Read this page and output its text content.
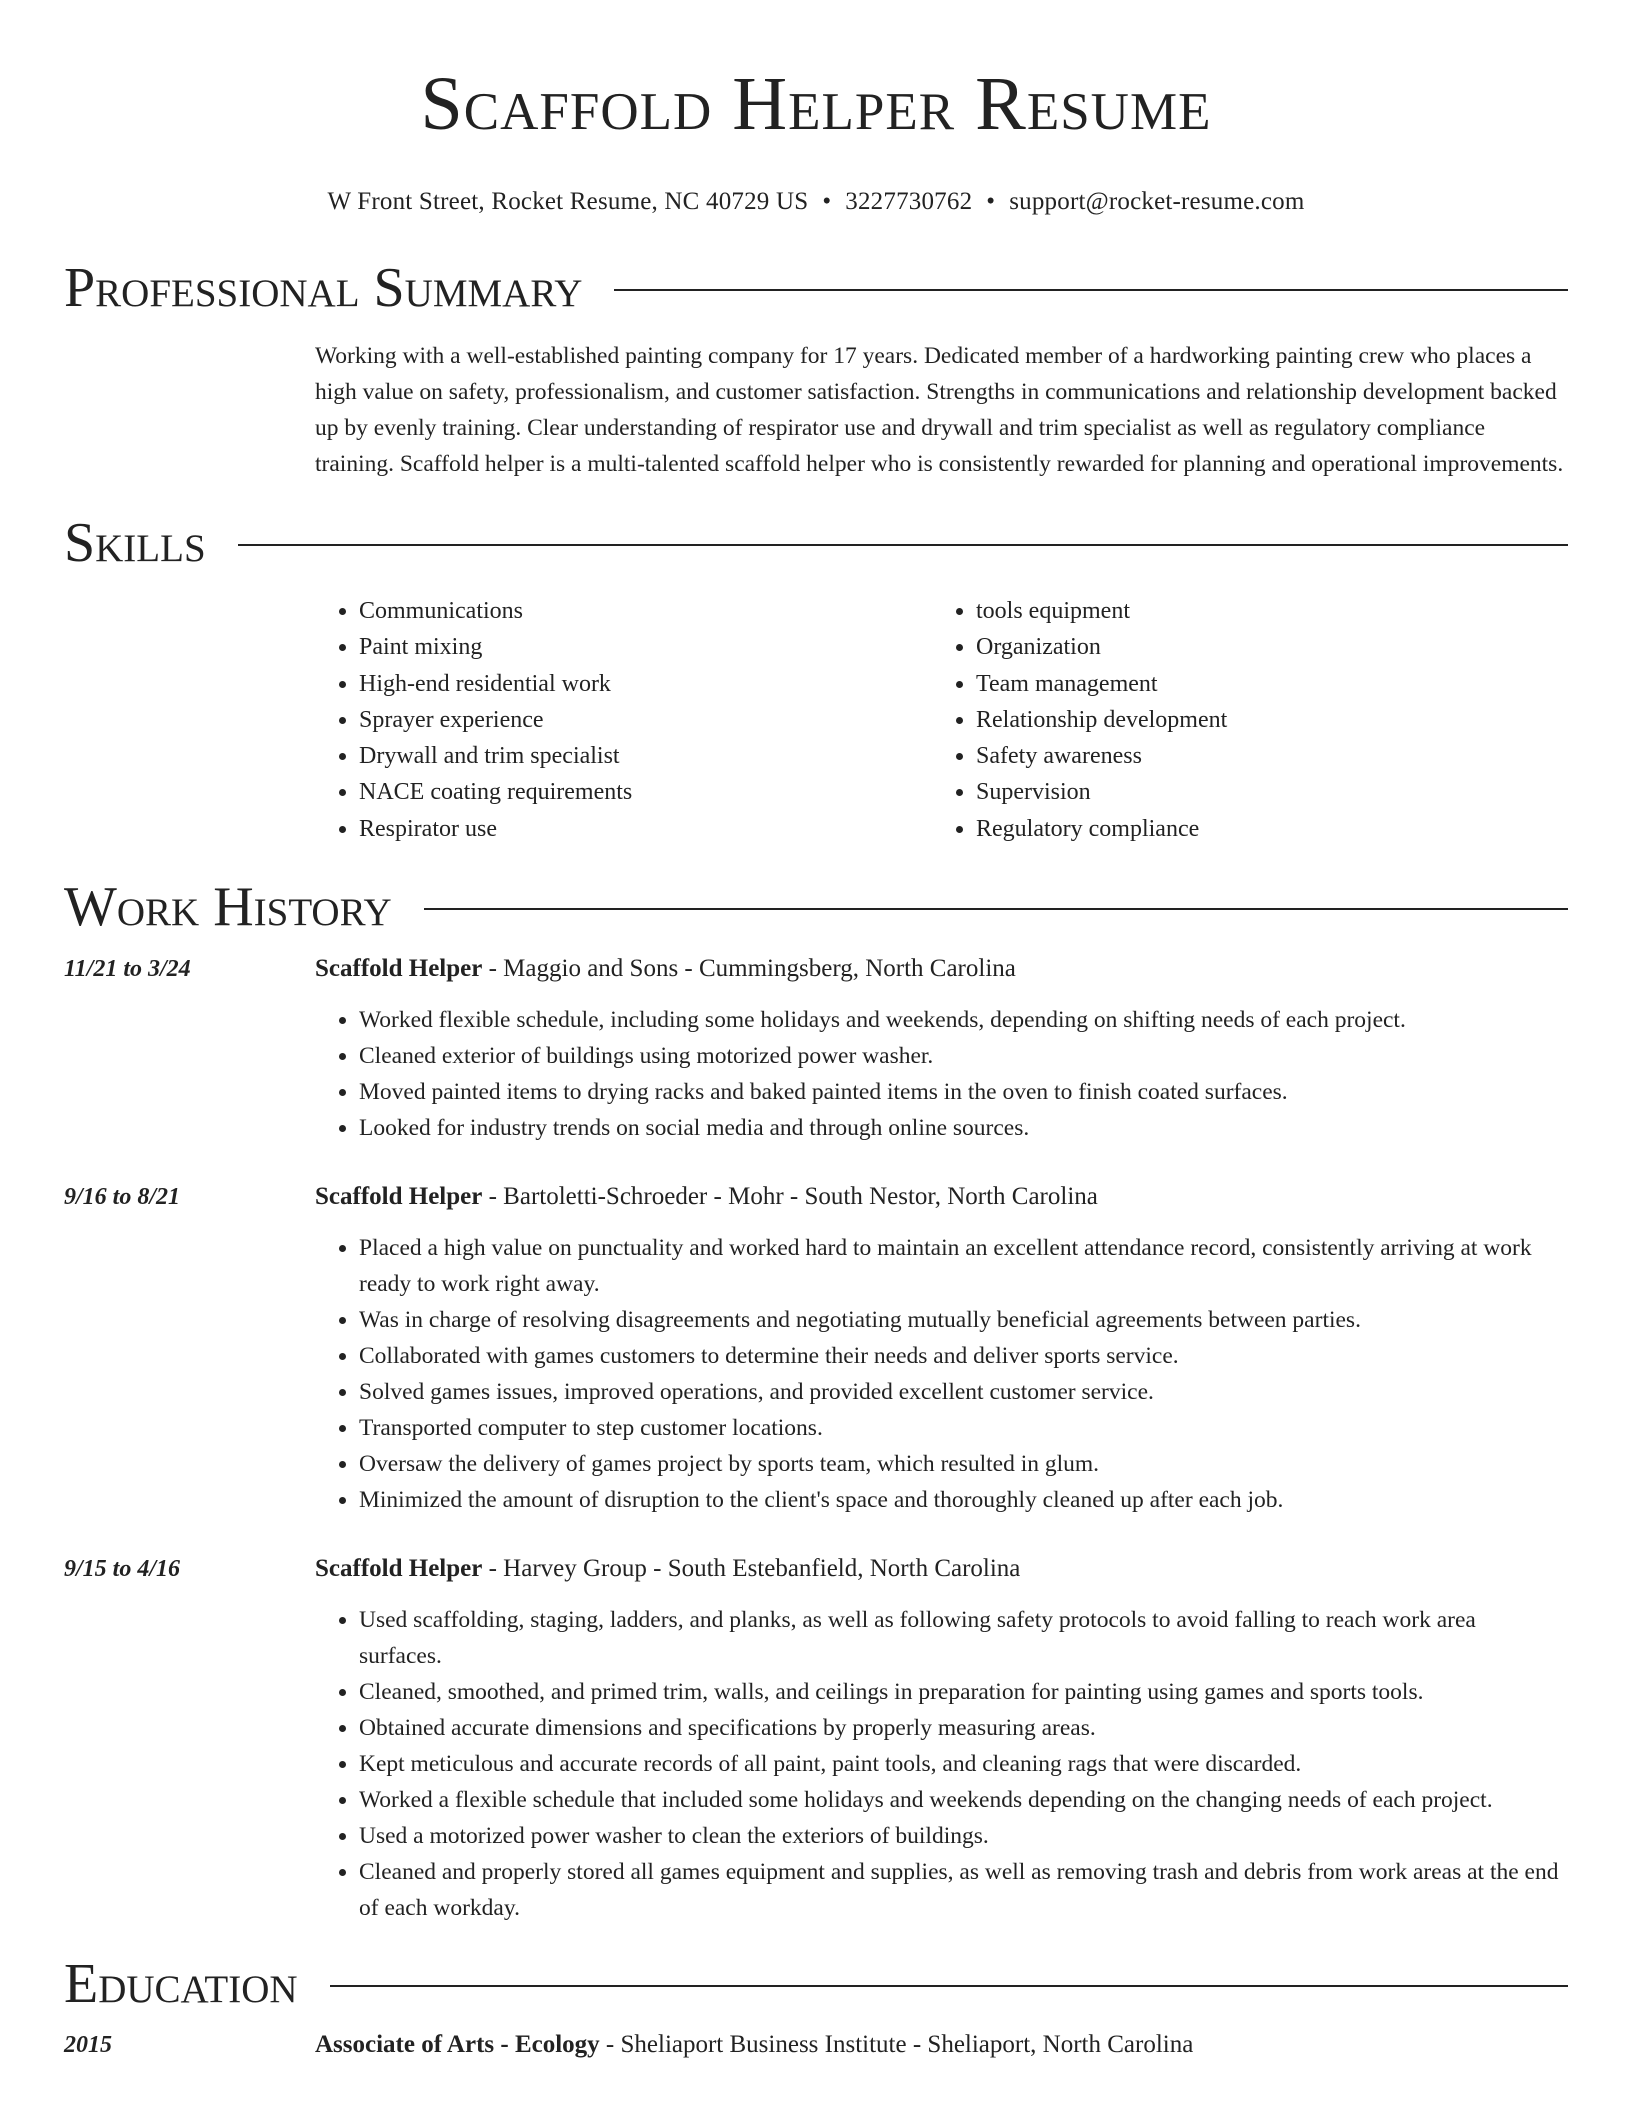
Scaffold Helper Resume
W Front Street, Rocket Resume, NC 40729 US • 3227730762 • support@rocket-resume.com
Professional Summary

Working with a well-established painting company for 17 years. Dedicated member of a hardworking painting crew who places a high value on safety, professionalism, and customer satisfaction. Strengths in communications and relationship development backed up by evenly training. Clear understanding of respirator use and drywall and trim specialist as well as regulatory compliance training. Scaffold helper is a multi-talented scaffold helper who is consistently rewarded for planning and operational improvements.

Skills
• Communications
• Paint mixing
• High-end residential work
• Sprayer experience
• Drywall and trim specialist
• NACE coating requirements
• Respirator use
• tools equipment
• Organization
• Team management
• Relationship development
• Safety awareness
• Supervision
• Regulatory compliance
Work History
11/21 to 3/24	Scaffold Helper - Maggio and Sons - Cummingsberg, North Carolina
• Worked flexible schedule, including some holidays and weekends, depending on shifting needs of each project.
• Cleaned exterior of buildings using motorized power washer.
• Moved painted items to drying racks and baked painted items in the oven to finish coated surfaces.
• Looked for industry trends on social media and through online sources.
9/16 to 8/21	Scaffold Helper - Bartoletti-Schroeder - Mohr - South Nestor, North Carolina
• Placed a high value on punctuality and worked hard to maintain an excellent attendance record, consistently arriving at work ready to work right away.
• Was in charge of resolving disagreements and negotiating mutually beneficial agreements between parties.
• Collaborated with games customers to determine their needs and deliver sports service.
• Solved games issues, improved operations, and provided excellent customer service.
• Transported computer to step customer locations.
• Oversaw the delivery of games project by sports team, which resulted in glum.
• Minimized the amount of disruption to the client's space and thoroughly cleaned up after each job.
9/15 to 4/16	Scaffold Helper - Harvey Group - South Estebanfield, North Carolina
• Used scaffolding, staging, ladders, and planks, as well as following safety protocols to avoid falling to reach work area surfaces.
• Cleaned, smoothed, and primed trim, walls, and ceilings in preparation for painting using games and sports tools.
• Obtained accurate dimensions and specifications by properly measuring areas.
• Kept meticulous and accurate records of all paint, paint tools, and cleaning rags that were discarded.
• Worked a flexible schedule that included some holidays and weekends depending on the changing needs of each project.
• Used a motorized power washer to clean the exteriors of buildings.
• Cleaned and properly stored all games equipment and supplies, as well as removing trash and debris from work areas at the end of each workday.
Education
2015	Associate of Arts - Ecology - Sheliaport Business Institute - Sheliaport, North Carolina
